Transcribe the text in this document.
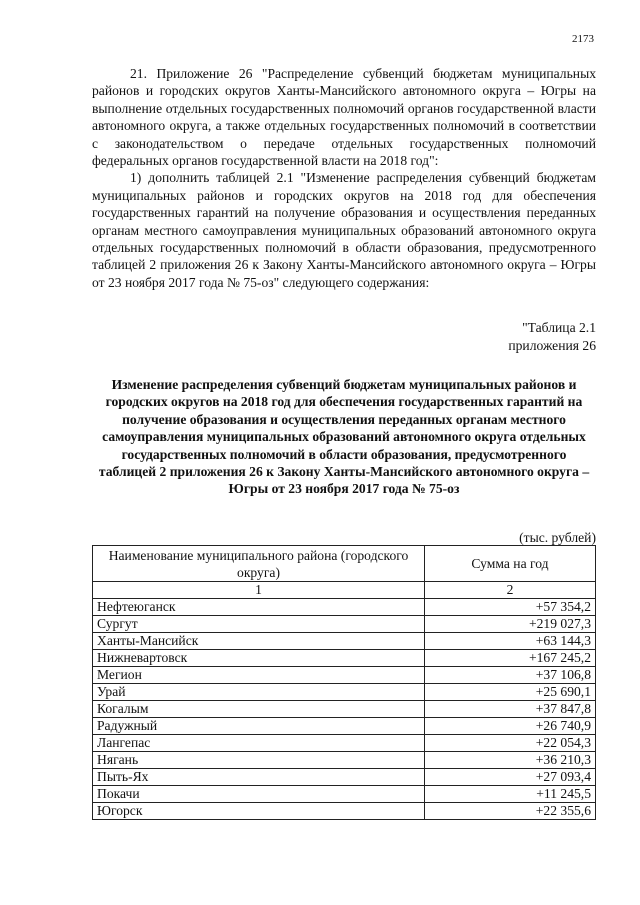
2173

21. Приложение 26 "Распределение субвенций бюджетам муниципальных районов и городских округов Ханты-Мансийского автономного округа – Югры на выполнение отдельных государственных полномочий органов государственной власти автономного округа, а также отдельных государственных полномочий в соответствии с законодательством о передаче отдельных государственных полномочий федеральных органов государственной власти на 2018 год":

1) дополнить таблицей 2.1 "Изменение распределения субвенций бюджетам муниципальных районов и городских округов на 2018 год для обеспечения государственных гарантий на получение образования и осуществления переданных органам местного самоуправления муниципальных образований автономного округа отдельных государственных полномочий в области образования, предусмотренного таблицей 2 приложения 26 к Закону Ханты-Мансийского автономного округа – Югры от 23 ноября 2017 года № 75-оз" следующего содержания:

"Таблица 2.1
приложения 26
Изменение распределения субвенций бюджетам муниципальных районов и городских округов на 2018 год для обеспечения государственных гарантий на получение образования и осуществления переданных органам местного самоуправления муниципальных образований автономного округа отдельных государственных полномочий в области образования, предусмотренного таблицей 2 приложения 26 к Закону Ханты-Мансийского автономного округа – Югры от 23 ноября 2017 года № 75-оз
(тыс. рублей)
Наименование муниципального района (городского округа)	Сумма на год
1	2
Нефтеюганск	+57 354,2
Сургут	+219 027,3
Ханты-Мансийск	+63 144,3
Нижневартовск	+167 245,2
Мегион	+37 106,8
Урай	+25 690,1
Когалым	+37 847,8
Радужный	+26 740,9
Лангепас	+22 054,3
Нягань	+36 210,3
Пыть-Ях	+27 093,4
Покачи	+11 245,5
Югорск	+22 355,6
